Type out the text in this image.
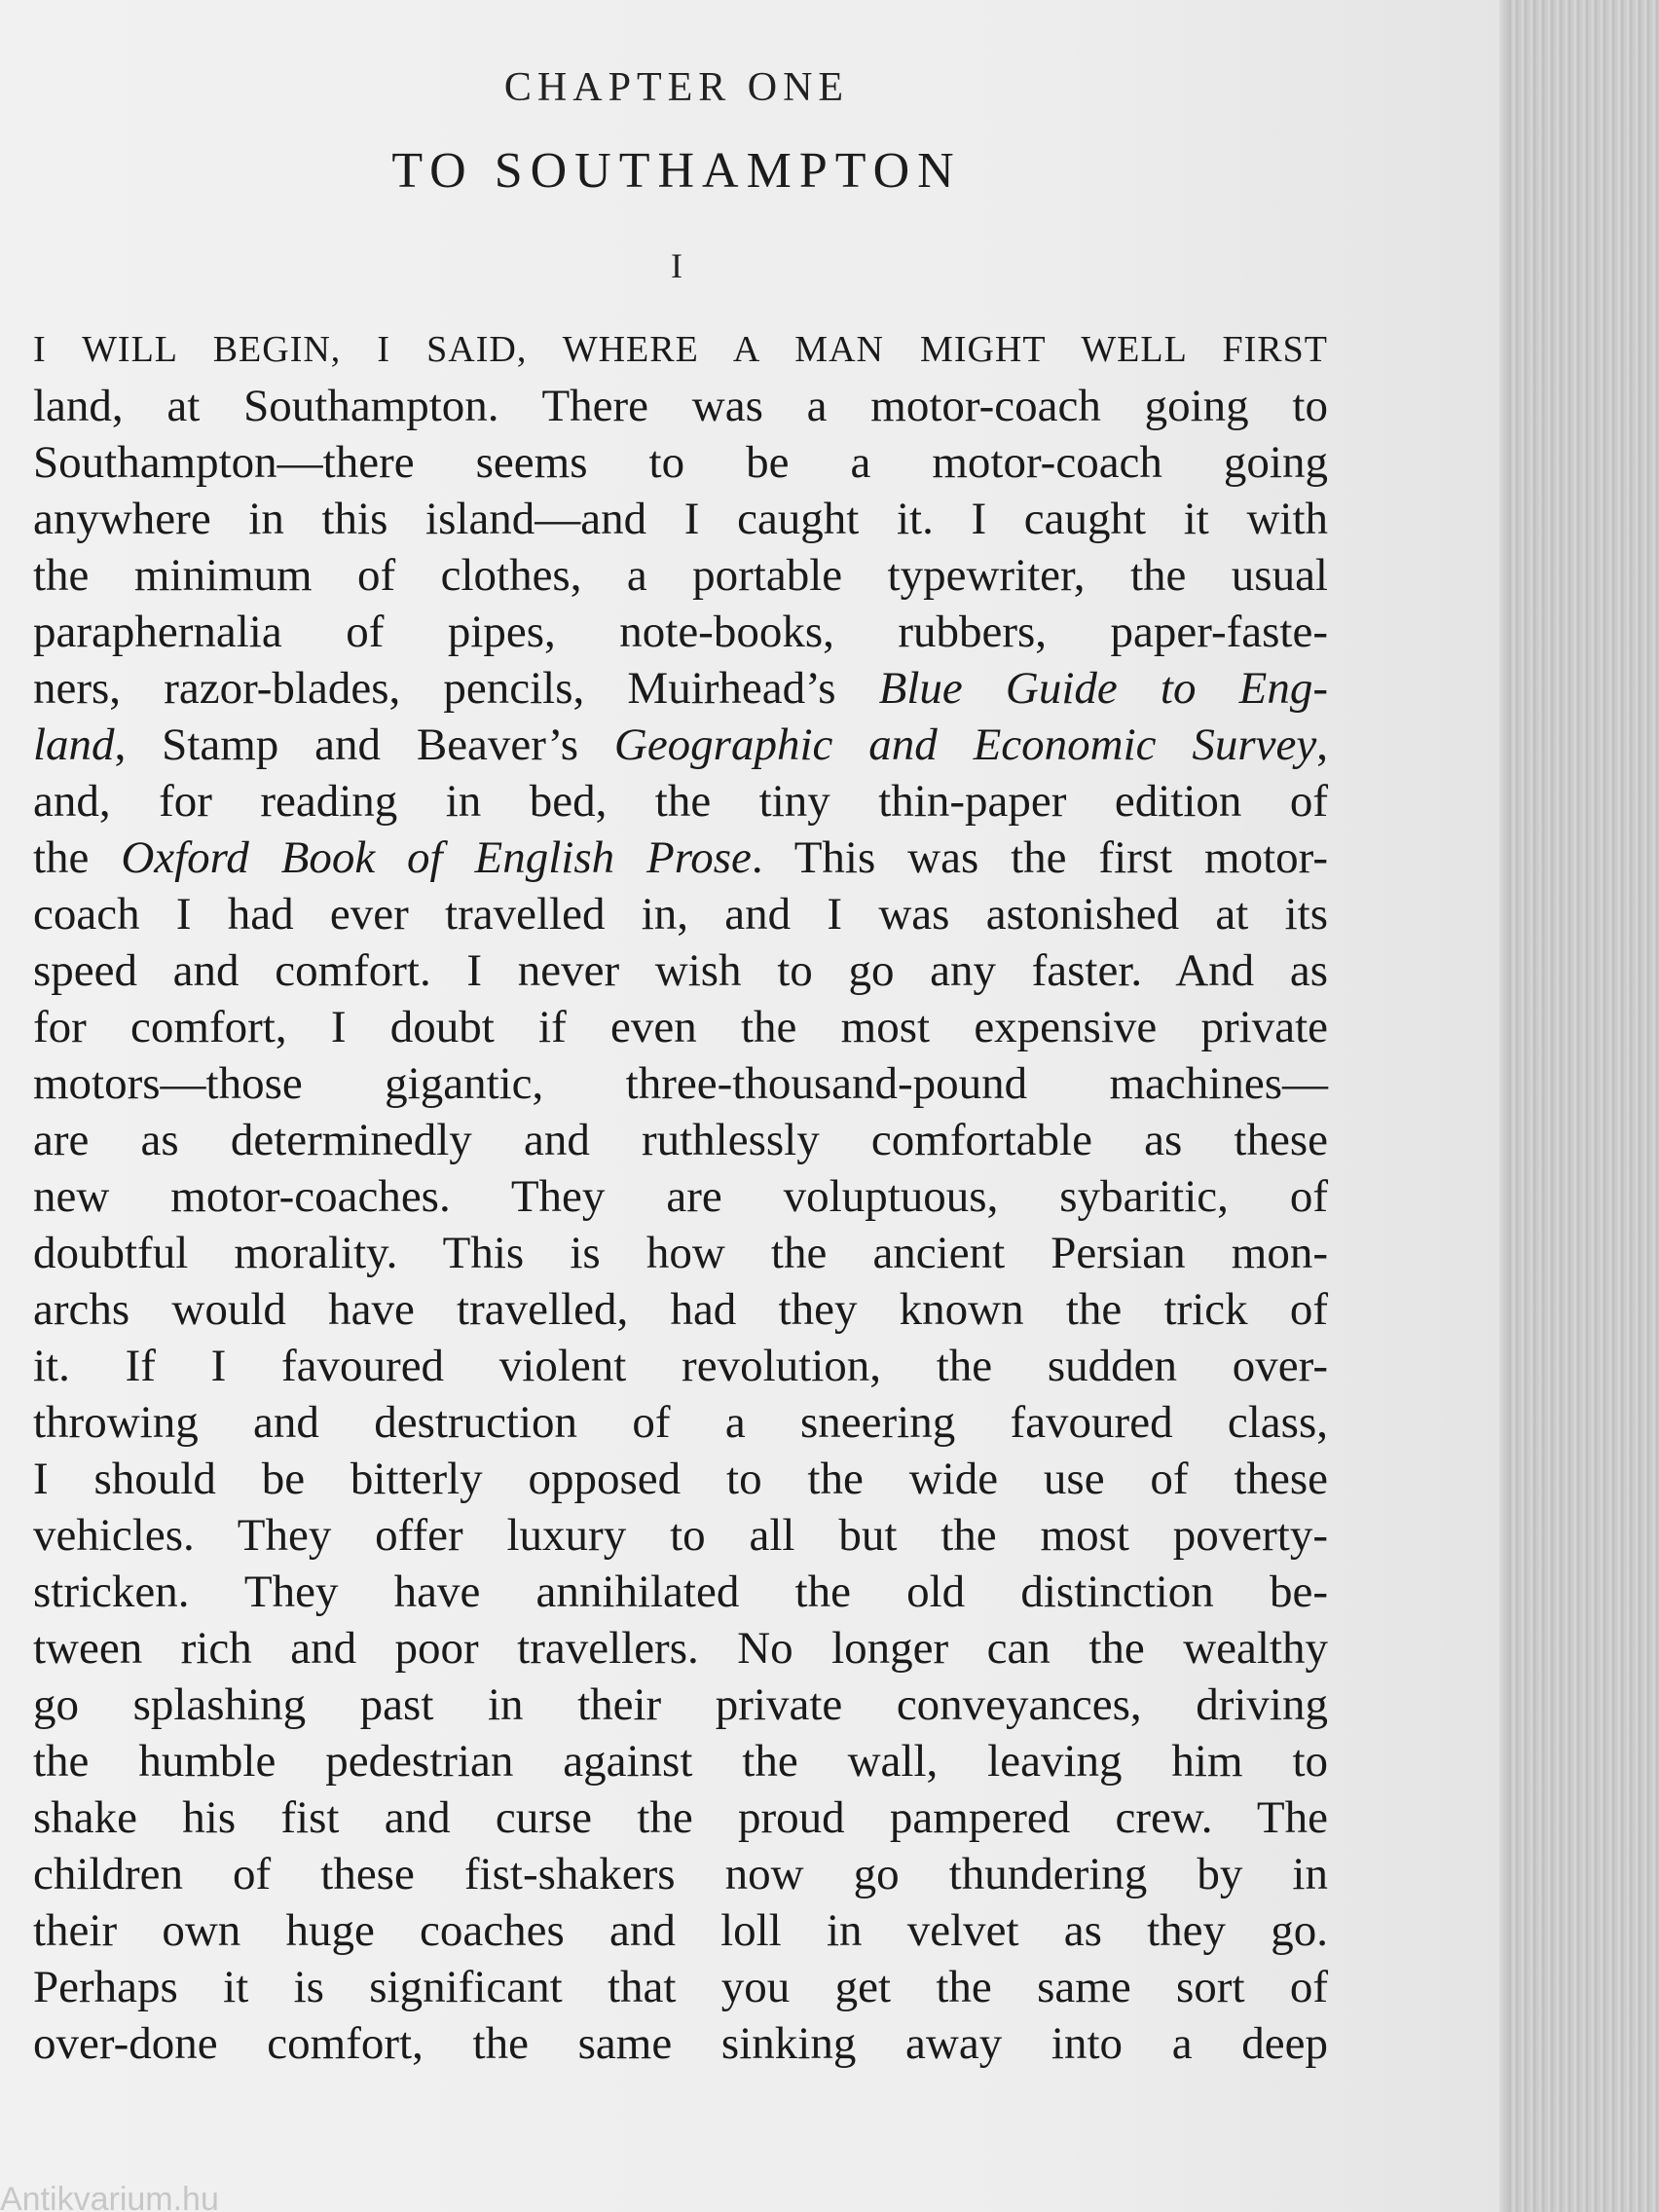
CHAPTER ONE
TO SOUTHAMPTON
I
I WILL BEGIN, I SAID, WHERE A MAN MIGHT WELL FIRST
land, at Southampton. There was a motor-coach going to
Southampton—there seems to be a motor-coach going
anywhere in this island—and I caught it. I caught it with
the minimum of clothes, a portable typewriter, the usual
paraphernalia of pipes, note-books, rubbers, paper-faste-
ners, razor-blades, pencils, Muirhead’s Blue Guide to Eng-
land, Stamp and Beaver’s Geographic and Economic Survey,
and, for reading in bed, the tiny thin-paper edition of
the Oxford Book of English Prose. This was the first motor-
coach I had ever travelled in, and I was astonished at its
speed and comfort. I never wish to go any faster. And as
for comfort, I doubt if even the most expensive private
motors—those gigantic, three-thousand-pound machines—
are as determinedly and ruthlessly comfortable as these
new motor-coaches. They are voluptuous, sybaritic, of
doubtful morality. This is how the ancient Persian mon-
archs would have travelled, had they known the trick of
it. If I favoured violent revolution, the sudden over-
throwing and destruction of a sneering favoured class,
I should be bitterly opposed to the wide use of these
vehicles. They offer luxury to all but the most poverty-
stricken. They have annihilated the old distinction be-
tween rich and poor travellers. No longer can the wealthy
go splashing past in their private conveyances, driving
the humble pedestrian against the wall, leaving him to
shake his fist and curse the proud pampered crew. The
children of these fist-shakers now go thundering by in
their own huge coaches and loll in velvet as they go.
Perhaps it is significant that you get the same sort of
over-done comfort, the same sinking away into a deep
Antikvarium.hu
